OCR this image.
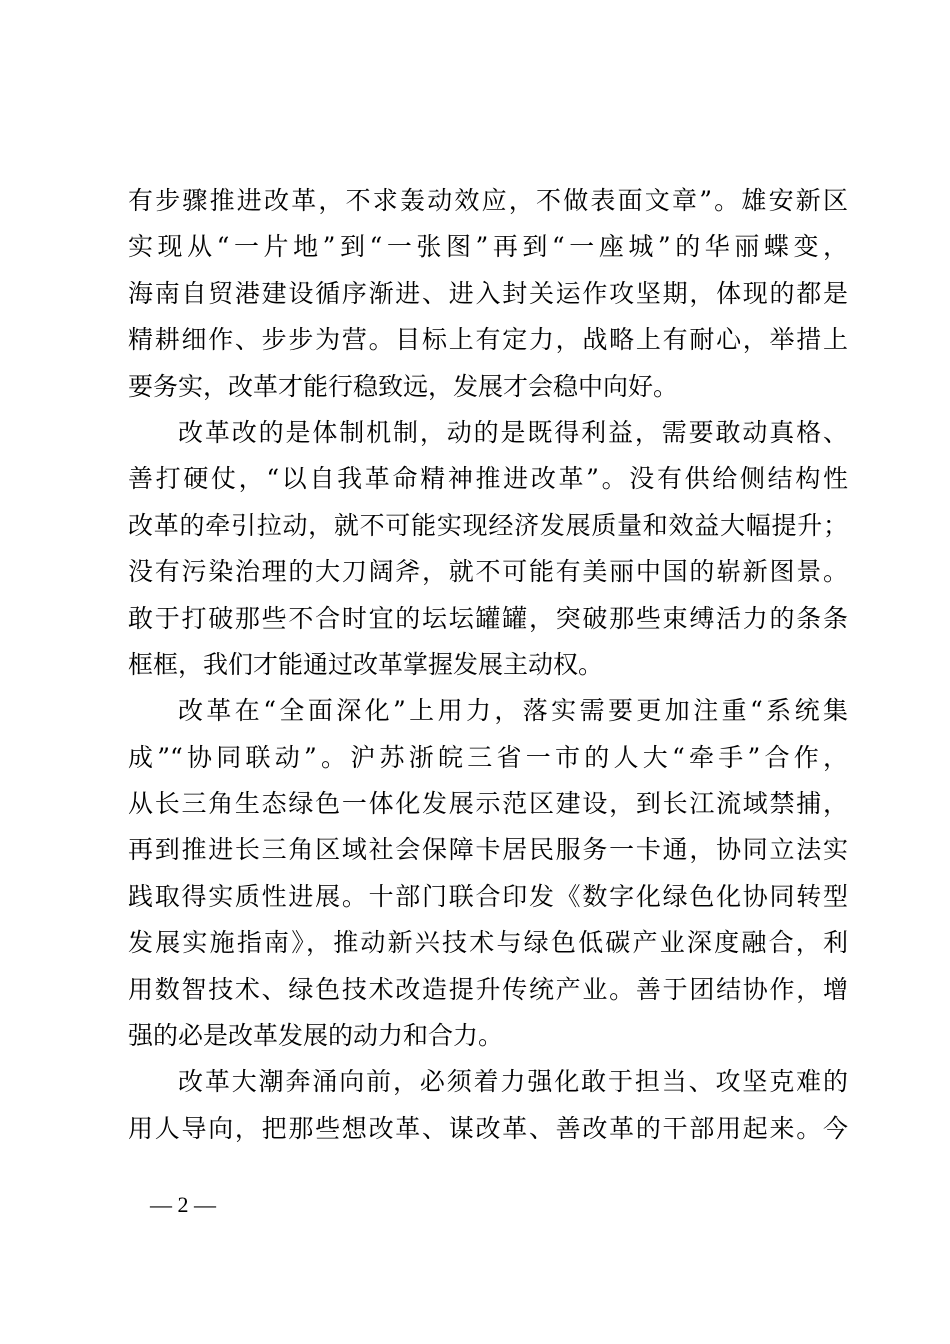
有步骤推进改革，不求轰动效应，不做表面文章”。雄安新区
实现从“一片地”到“一张图”再到“一座城”的华丽蝶变，
海南自贸港建设循序渐进、进入封关运作攻坚期，体现的都是
精耕细作、步步为营。目标上有定力，战略上有耐心，举措上
要务实，改革才能行稳致远，发展才会稳中向好。
改革改的是体制机制，动的是既得利益，需要敢动真格、
善打硬仗，“以自我革命精神推进改革”。没有供给侧结构性
改革的牵引拉动，就不可能实现经济发展质量和效益大幅提升；
没有污染治理的大刀阔斧，就不可能有美丽中国的崭新图景。
敢于打破那些不合时宜的坛坛罐罐，突破那些束缚活力的条条
框框，我们才能通过改革掌握发展主动权。
改革在“全面深化”上用力，落实需要更加注重“系统集
成”“协同联动”。沪苏浙皖三省一市的人大“牵手”合作，
从长三角生态绿色一体化发展示范区建设，到长江流域禁捕，
再到推进长三角区域社会保障卡居民服务一卡通，协同立法实
践取得实质性进展。十部门联合印发《数字化绿色化协同转型
发展实施指南》，推动新兴技术与绿色低碳产业深度融合，利
用数智技术、绿色技术改造提升传统产业。善于团结协作，增
强的必是改革发展的动力和合力。
改革大潮奔涌向前，必须着力强化敢于担当、攻坚克难的
用人导向，把那些想改革、谋改革、善改革的干部用起来。今
— 2 —
